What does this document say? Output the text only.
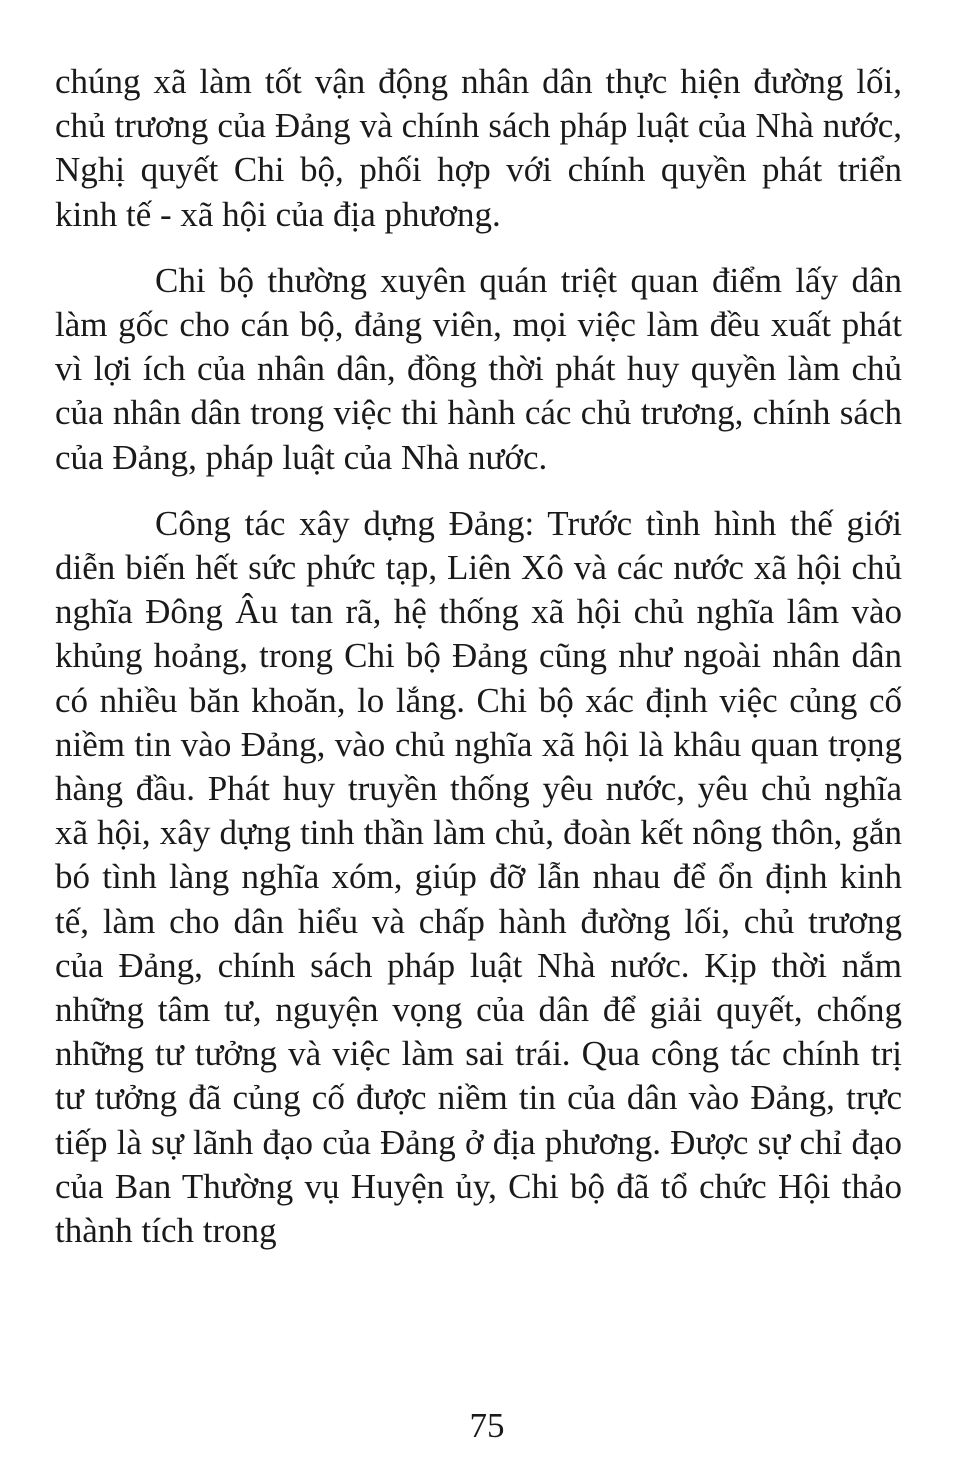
chúng xã làm tốt vận động nhân dân thực hiện đường lối, chủ trương của Đảng và chính sách pháp luật của Nhà nước, Nghị quyết Chi bộ, phối hợp với chính quyền phát triển kinh tế - xã hội của địa phương.

Chi bộ thường xuyên quán triệt quan điểm lấy dân làm gốc cho cán bộ, đảng viên, mọi việc làm đều xuất phát vì lợi ích của nhân dân, đồng thời phát huy quyền làm chủ của nhân dân trong việc thi hành các chủ trương, chính sách của Đảng, pháp luật của Nhà nước.

Công tác xây dựng Đảng: Trước tình hình thế giới diễn biến hết sức phức tạp, Liên Xô và các nước xã hội chủ nghĩa Đông Âu tan rã, hệ thống xã hội chủ nghĩa lâm vào khủng hoảng, trong Chi bộ Đảng cũng như ngoài nhân dân có nhiều băn khoăn, lo lắng. Chi bộ xác định việc củng cố niềm tin vào Đảng, vào chủ nghĩa xã hội là khâu quan trọng hàng đầu. Phát huy truyền thống yêu nước, yêu chủ nghĩa xã hội, xây dựng tinh thần làm chủ, đoàn kết nông thôn, gắn bó tình làng nghĩa xóm, giúp đỡ lẫn nhau để ổn định kinh tế, làm cho dân hiểu và chấp hành đường lối, chủ trương của Đảng, chính sách pháp luật Nhà nước. Kịp thời nắm những tâm tư, nguyện vọng của dân để giải quyết, chống những tư tưởng và việc làm sai trái. Qua công tác chính trị tư tưởng đã củng cố được niềm tin của dân vào Đảng, trực tiếp là sự lãnh đạo của Đảng ở địa phương. Được sự chỉ đạo của Ban Thường vụ Huyện ủy, Chi bộ đã tổ chức Hội thảo thành tích trong

75
